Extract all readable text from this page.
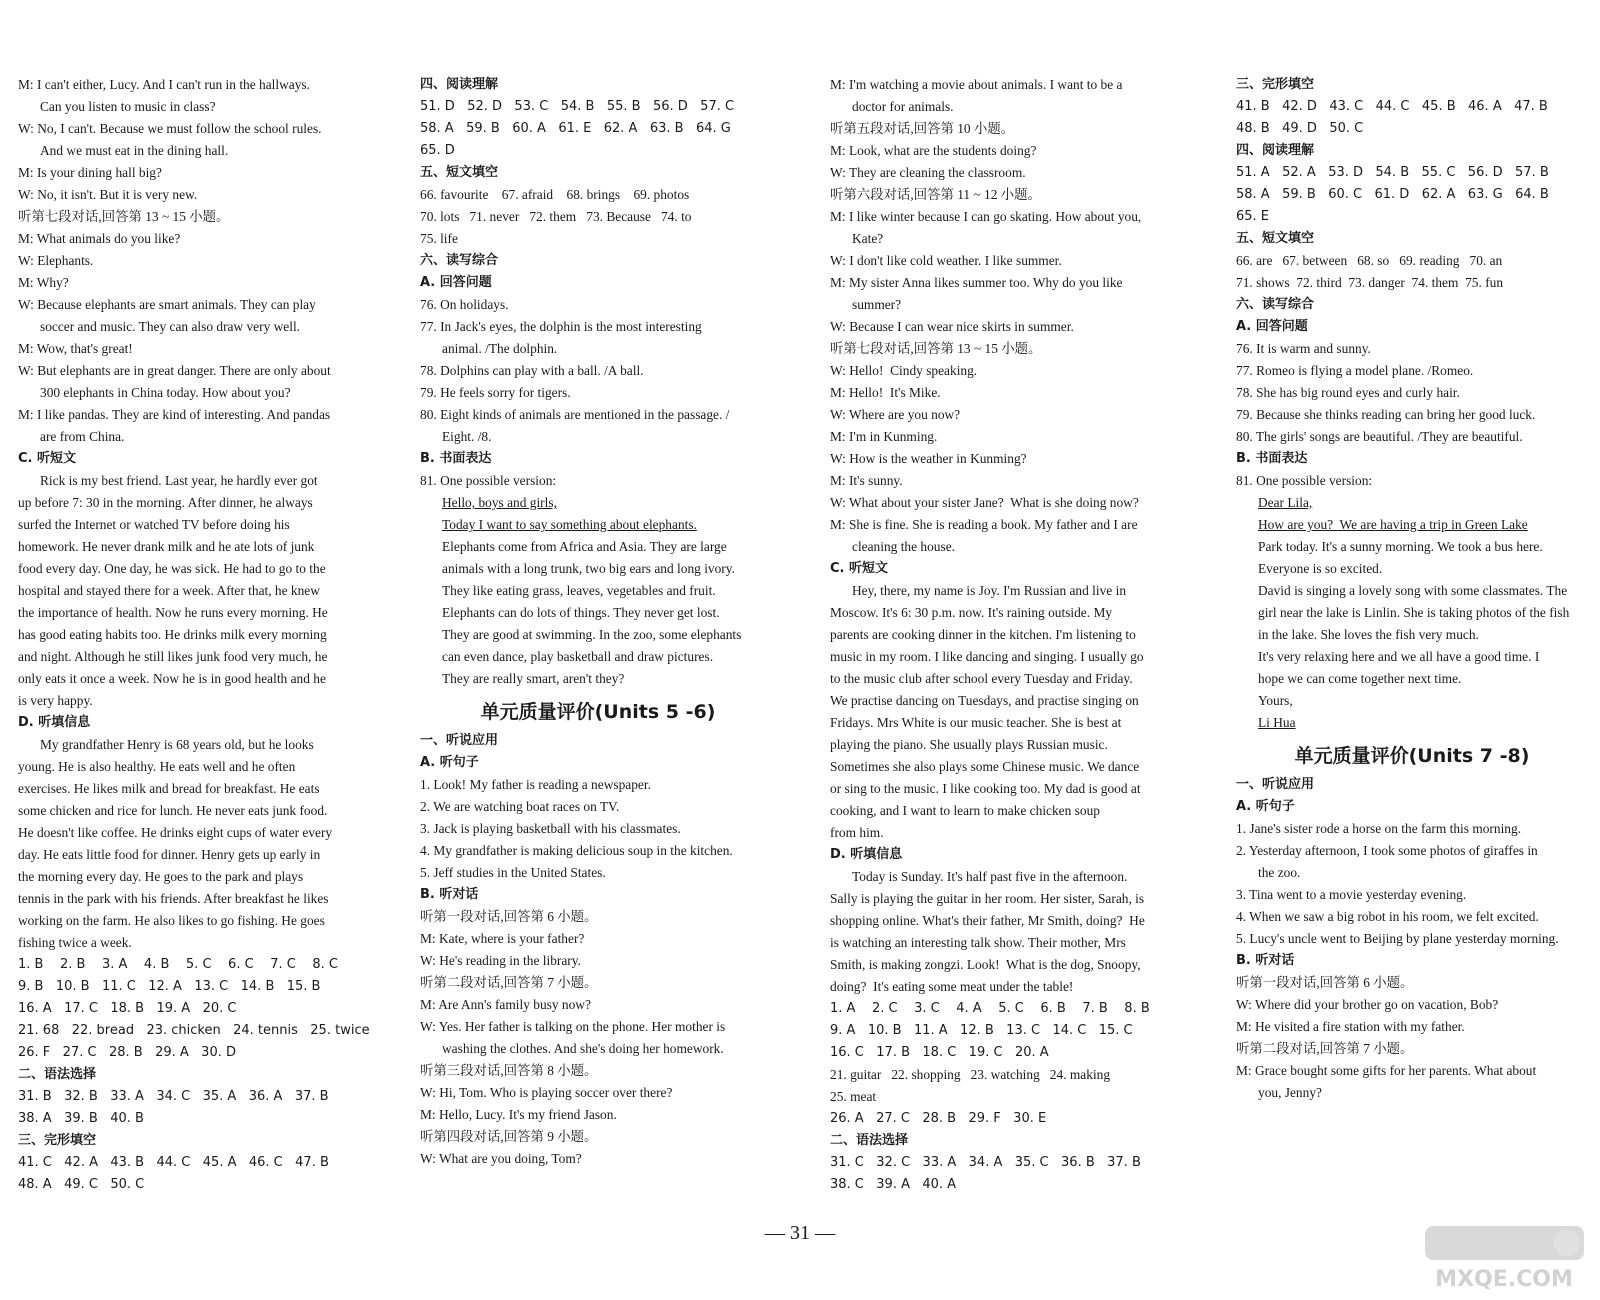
M: I can't either, Lucy. And I can't run in the hallways.
Can you listen to music in class?
W: No, I can't. Because we must follow the school rules.
And we must eat in the dining hall.
M: Is your dining hall big?
W: No, it isn't. But it is very new.
听第七段对话,回答第 13 ~ 15 小题。
M: What animals do you like?
W: Elephants.
M: Why?
W: Because elephants are smart animals. They can play
soccer and music. They can also draw very well.
M: Wow, that's great!
W: But elephants are in great danger. There are only about
300 elephants in China today. How about you?
M: I like pandas. They are kind of interesting. And pandas
are from China.
C. 听短文
Rick is my best friend. Last year, he hardly ever got
up before 7: 30 in the morning. After dinner, he always
surfed the Internet or watched TV before doing his
homework. He never drank milk and he ate lots of junk
food every day. One day, he was sick. He had to go to the
hospital and stayed there for a week. After that, he knew
the importance of health. Now he runs every morning. He
has good eating habits too. He drinks milk every morning
and night. Although he still likes junk food very much, he
only eats it once a week. Now he is in good health and he
is very happy.
D. 听填信息
My grandfather Henry is 68 years old, but he looks
young. He is also healthy. He eats well and he often
exercises. He likes milk and bread for breakfast. He eats
some chicken and rice for lunch. He never eats junk food.
He doesn't like coffee. He drinks eight cups of water every
day. He eats little food for dinner. Henry gets up early in
the morning every day. He goes to the park and plays
tennis in the park with his friends. After breakfast he likes
working on the farm. He also likes to go fishing. He goes
fishing twice a week.
1. B    2. B    3. A    4. B    5. C    6. C    7. C    8. C
9. B   10. B   11. C   12. A   13. C   14. B   15. B
16. A   17. C   18. B   19. A   20. C
21. 68   22. bread   23. chicken   24. tennis   25. twice
26. F   27. C   28. B   29. A   30. D
二、语法选择
31. B   32. B   33. A   34. C   35. A   36. A   37. B
38. A   39. B   40. B
三、完形填空
41. C   42. A   43. B   44. C   45. A   46. C   47. B
48. A   49. C   50. C
四、阅读理解
51. D   52. D   53. C   54. B   55. B   56. D   57. C
58. A   59. B   60. A   61. E   62. A   63. B   64. G
65. D
五、短文填空
66. favourite    67. afraid    68. brings    69. photos
70. lots   71. never   72. them   73. Because   74. to
75. life
六、读写综合
A. 回答问题
76. On holidays.
77. In Jack's eyes, the dolphin is the most interesting
animal. /The dolphin.
78. Dolphins can play with a ball. /A ball.
79. He feels sorry for tigers.
80. Eight kinds of animals are mentioned in the passage. /
Eight. /8.
B. 书面表达
81. One possible version:
Hello, boys and girls,
Today I want to say something about elephants.
Elephants come from Africa and Asia. They are large
animals with a long trunk, two big ears and long ivory.
They like eating grass, leaves, vegetables and fruit.
Elephants can do lots of things. They never get lost.
They are good at swimming. In the zoo, some elephants
can even dance, play basketball and draw pictures.
They are really smart, aren't they?
单元质量评价(Units 5 -6)
一、听说应用
A. 听句子
1. Look! My father is reading a newspaper.
2. We are watching boat races on TV.
3. Jack is playing basketball with his classmates.
4. My grandfather is making delicious soup in the kitchen.
5. Jeff studies in the United States.
B. 听对话
听第一段对话,回答第 6 小题。
M: Kate, where is your father?
W: He's reading in the library.
听第二段对话,回答第 7 小题。
M: Are Ann's family busy now?
W: Yes. Her father is talking on the phone. Her mother is
washing the clothes. And she's doing her homework.
听第三段对话,回答第 8 小题。
W: Hi, Tom. Who is playing soccer over there?
M: Hello, Lucy. It's my friend Jason.
听第四段对话,回答第 9 小题。
W: What are you doing, Tom?
M: I'm watching a movie about animals. I want to be a
doctor for animals.
听第五段对话,回答第 10 小题。
M: Look, what are the students doing?
W: They are cleaning the classroom.
听第六段对话,回答第 11 ~ 12 小题。
M: I like winter because I can go skating. How about you,
Kate?
W: I don't like cold weather. I like summer.
M: My sister Anna likes summer too. Why do you like
summer?
W: Because I can wear nice skirts in summer.
听第七段对话,回答第 13 ~ 15 小题。
W: Hello!  Cindy speaking.
M: Hello!  It's Mike.
W: Where are you now?
M: I'm in Kunming.
W: How is the weather in Kunming?
M: It's sunny.
W: What about your sister Jane?  What is she doing now?
M: She is fine. She is reading a book. My father and I are
cleaning the house.
C. 听短文
Hey, there, my name is Joy. I'm Russian and live in
Moscow. It's 6: 30 p.m. now. It's raining outside. My
parents are cooking dinner in the kitchen. I'm listening to
music in my room. I like dancing and singing. I usually go
to the music club after school every Tuesday and Friday.
We practise dancing on Tuesdays, and practise singing on
Fridays. Mrs White is our music teacher. She is best at
playing the piano. She usually plays Russian music.
Sometimes she also plays some Chinese music. We dance
or sing to the music. I like cooking too. My dad is good at
cooking, and I want to learn to make chicken soup
from him.
D. 听填信息
Today is Sunday. It's half past five in the afternoon.
Sally is playing the guitar in her room. Her sister, Sarah, is
shopping online. What's their father, Mr Smith, doing?  He
is watching an interesting talk show. Their mother, Mrs
Smith, is making zongzi. Look!  What is the dog, Snoopy,
doing?  It's eating some meat under the table!
1. A    2. C    3. C    4. A    5. C    6. B    7. B    8. B
9. A   10. B   11. A   12. B   13. C   14. C   15. C
16. C   17. B   18. C   19. C   20. A
21. guitar   22. shopping   23. watching   24. making
25. meat
26. A   27. C   28. B   29. F   30. E
二、语法选择
31. C   32. C   33. A   34. A   35. C   36. B   37. B
38. C   39. A   40. A
三、完形填空
41. B   42. D   43. C   44. C   45. B   46. A   47. B
48. B   49. D   50. C
四、阅读理解
51. A   52. A   53. D   54. B   55. C   56. D   57. B
58. A   59. B   60. C   61. D   62. A   63. G   64. B
65. E
五、短文填空
66. are   67. between   68. so   69. reading   70. an
71. shows  72. third  73. danger  74. them  75. fun
六、读写综合
A. 回答问题
76. It is warm and sunny.
77. Romeo is flying a model plane. /Romeo.
78. She has big round eyes and curly hair.
79. Because she thinks reading can bring her good luck.
80. The girls' songs are beautiful. /They are beautiful.
B. 书面表达
81. One possible version:
Dear Lila,
How are you?  We are having a trip in Green Lake
Park today. It's a sunny morning. We took a bus here.
Everyone is so excited.
David is singing a lovely song with some classmates. The
girl near the lake is Linlin. She is taking photos of the fish
in the lake. She loves the fish very much.
It's very relaxing here and we all have a good time. I
hope we can come together next time.
Yours,
Li Hua
单元质量评价(Units 7 -8)
一、听说应用
A. 听句子
1. Jane's sister rode a horse on the farm this morning.
2. Yesterday afternoon, I took some photos of giraffes in
the zoo.
3. Tina went to a movie yesterday evening.
4. When we saw a big robot in his room, we felt excited.
5. Lucy's uncle went to Beijing by plane yesterday morning.
B. 听对话
听第一段对话,回答第 6 小题。
W: Where did your brother go on vacation, Bob?
M: He visited a fire station with my father.
听第二段对话,回答第 7 小题。
M: Grace bought some gifts for her parents. What about
you, Jenny?
— 31 —
MXQE.COM
